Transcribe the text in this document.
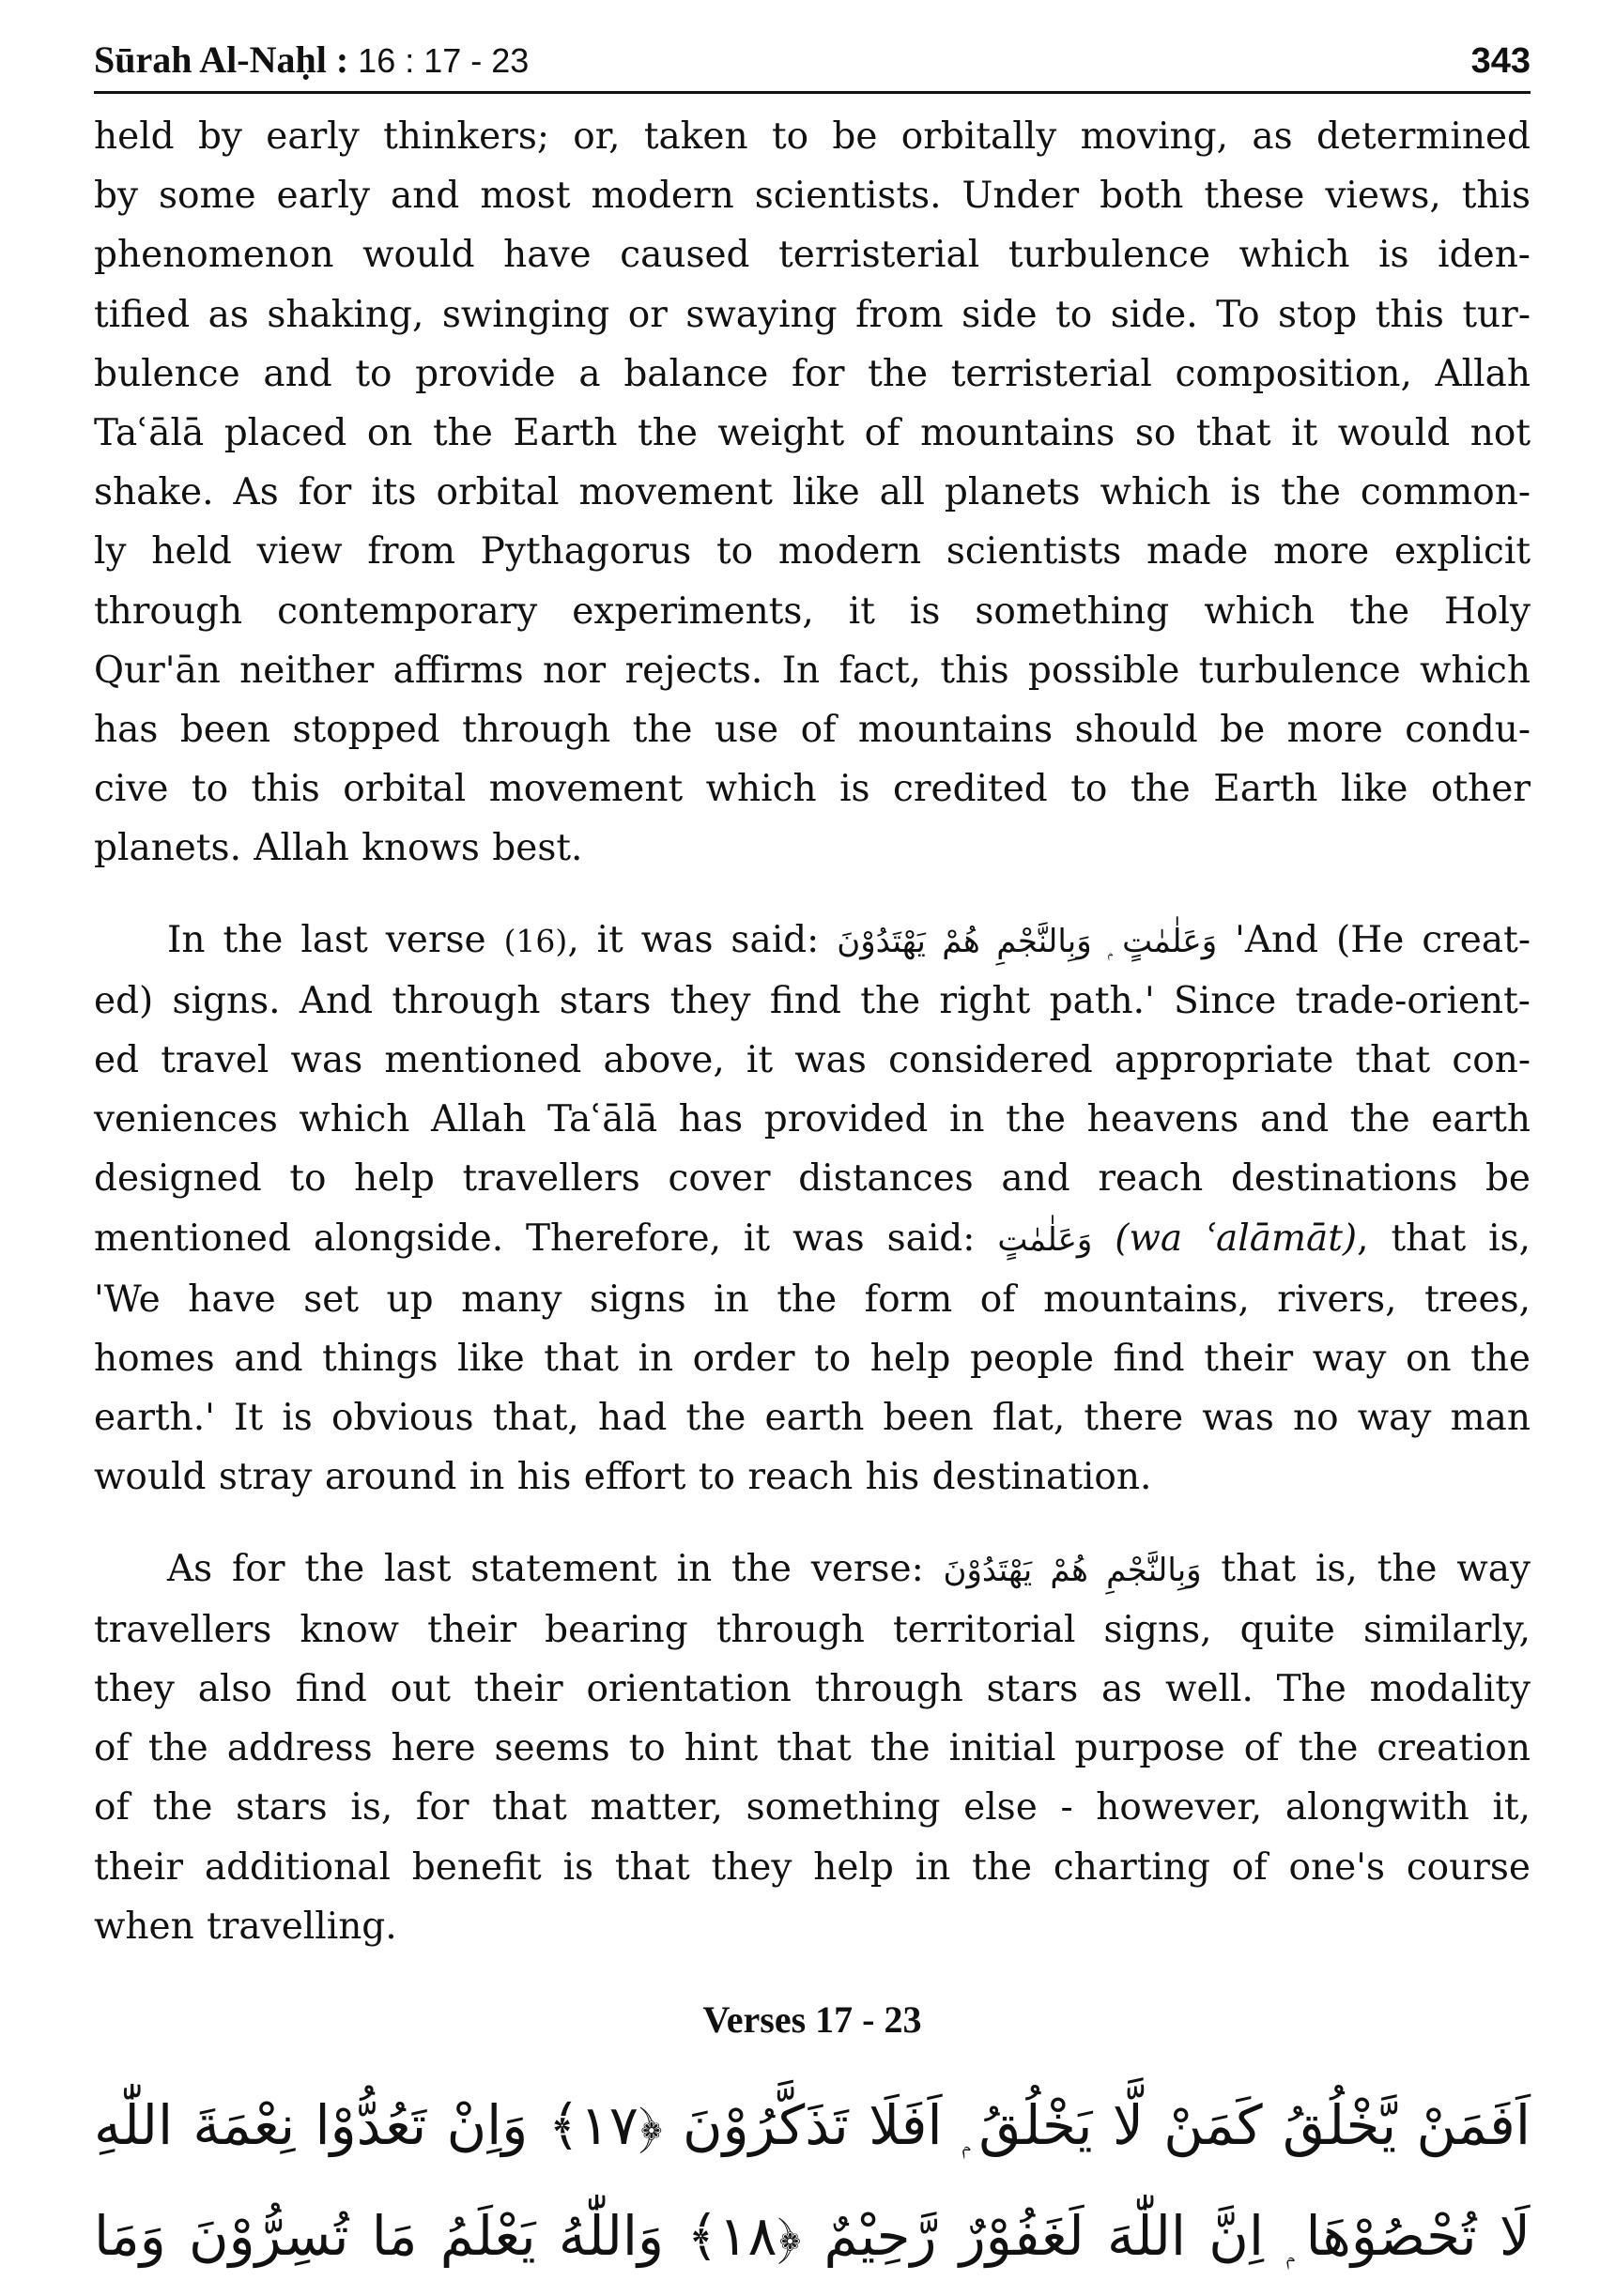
Sūrah Al-Naḥl : 16 : 17 - 23	343
held by early thinkers; or, taken to be orbitally moving, as determined
by some early and most modern scientists. Under both these views, this
phenomenon would have caused terristerial turbulence which is iden-
tified as shaking, swinging or swaying from side to side. To stop this tur-
bulence and to provide a balance for the terristerial composition, Allah
Taʿālā placed on the Earth the weight of mountains so that it would not
shake. As for its orbital movement like all planets which is the common-
ly held view from Pythagorus to modern scientists made more explicit
through contemporary experiments, it is something which the Holy
Qur'ān neither affirms nor rejects. In fact, this possible turbulence which
has been stopped through the use of mountains should be more condu-
cive to this orbital movement which is credited to the Earth like other
planets. Allah knows best.
In the last verse (16), it was said: وَعَلٰمٰتٍ ۭ وَبِالنَّجْمِ هُمْ يَهْتَدُوْنَ 'And (He creat-
ed) signs. And through stars they find the right path.' Since trade-orient-
ed travel was mentioned above, it was considered appropriate that con-
veniences which Allah Taʿālā has provided in the heavens and the earth
designed to help travellers cover distances and reach destinations be
mentioned alongside. Therefore, it was said: وَعَلٰمٰتٍ (wa ʿalāmāt), that is,
'We have set up many signs in the form of mountains, rivers, trees,
homes and things like that in order to help people find their way on the
earth.' It is obvious that, had the earth been flat, there was no way man
would stray around in his effort to reach his destination.
As for the last statement in the verse: وَبِالنَّجْمِ هُمْ يَهْتَدُوْنَ that is, the way
travellers know their bearing through territorial signs, quite similarly,
they also find out their orientation through stars as well. The modality
of the address here seems to hint that the initial purpose of the creation
of the stars is, for that matter, something else - however, alongwith it,
their additional benefit is that they help in the charting of one's course
when travelling.
Verses 17 - 23
اَفَمَنْ يَّخْلُقُ كَمَنْ لَّا يَخْلُقُ ۭ اَفَلَا تَذَكَّرُوْنَ ﴿١٧﴾ وَاِنْ تَعُدُّوْا نِعْمَةَ اللّٰهِ
لَا تُحْصُوْهَا ۭ اِنَّ اللّٰهَ لَغَفُوْرٌ رَّحِيْمٌ ﴿١٨﴾ وَاللّٰهُ يَعْلَمُ مَا تُسِرُّوْنَ وَمَا
